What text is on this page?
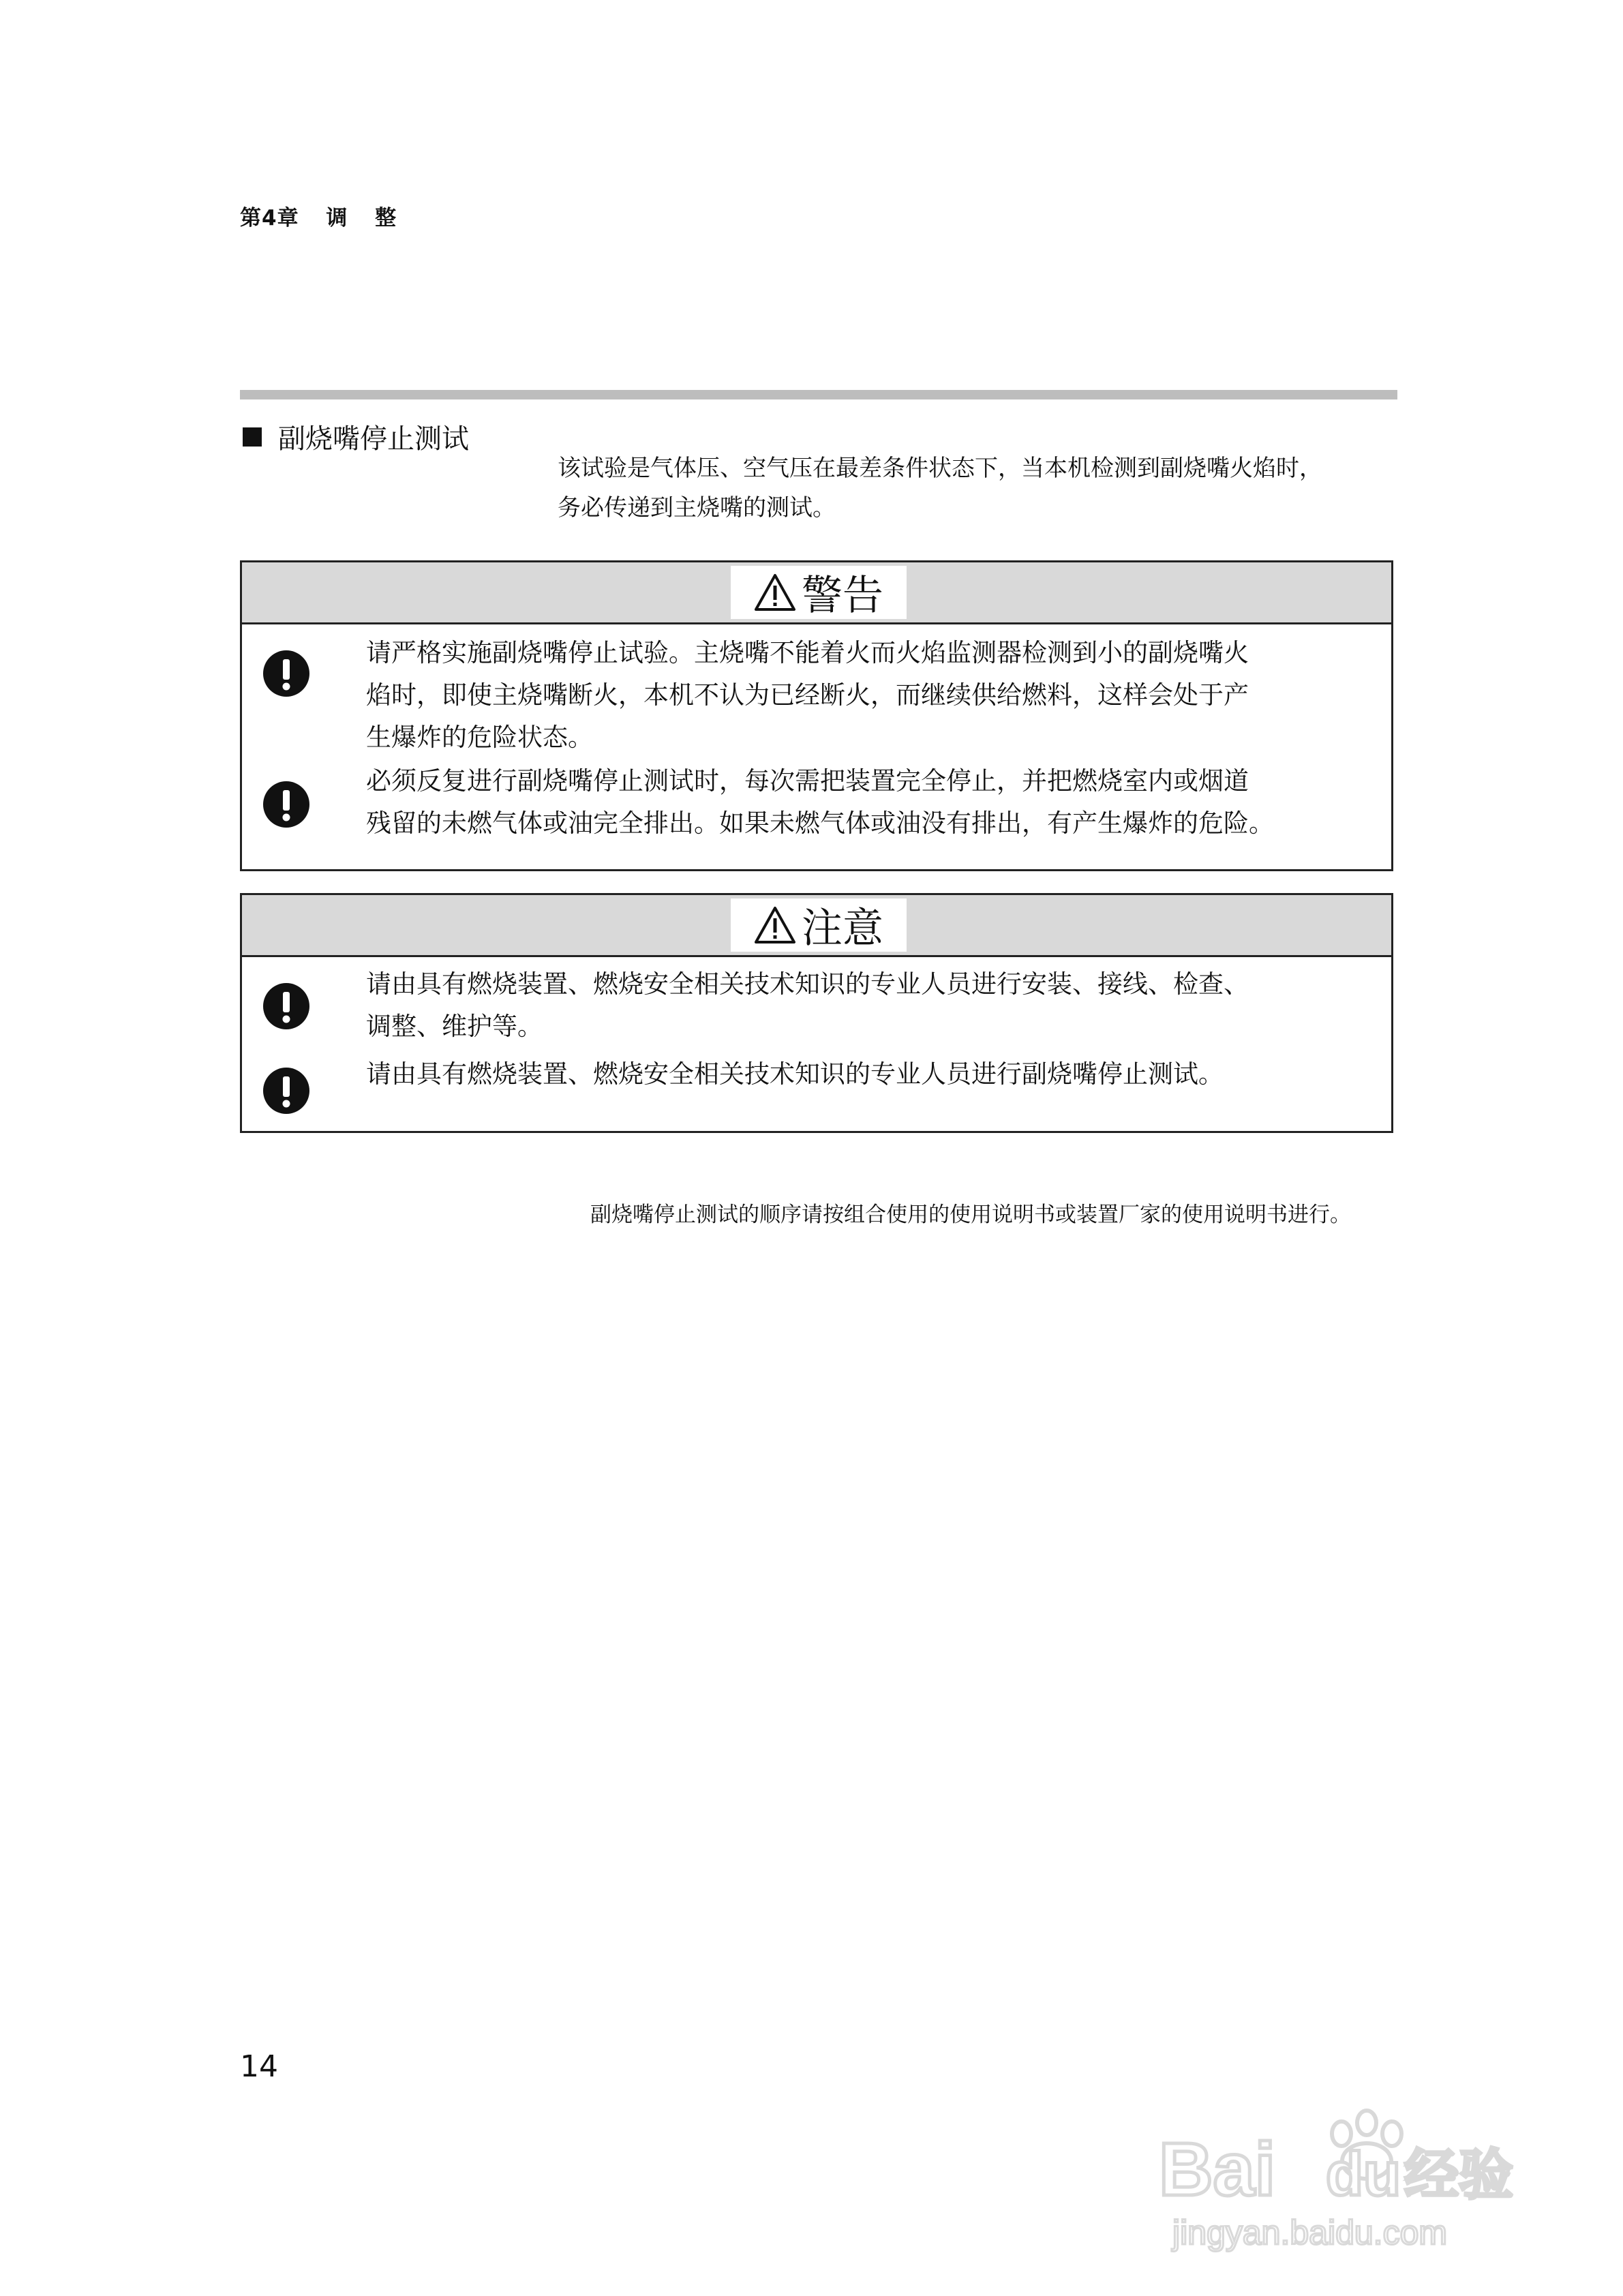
第4章 调 整
副烧嘴停止测试
该试验是气体压、空气压在最差条件状态下，当本机检测到副烧嘴火焰时，
务必传递到主烧嘴的测试。
警告
请严格实施副烧嘴停止试验。主烧嘴不能着火而火焰监测器检测到小的副烧嘴火
焰时，即使主烧嘴断火，本机不认为已经断火，而继续供给燃料，这样会处于产
生爆炸的危险状态。
必须反复进行副烧嘴停止测试时，每次需把装置完全停止，并把燃烧室内或烟道
残留的未燃气体或油完全排出。如果未燃气体或油没有排出，有产生爆炸的危险。
注意
请由具有燃烧装置、燃烧安全相关技术知识的专业人员进行安装、接线、检查、
调整、维护等。
请由具有燃烧装置、燃烧安全相关技术知识的专业人员进行副烧嘴停止测试。
副烧嘴停止测试的顺序请按组合使用的使用说明书或装置厂家的使用说明书进行。
14
Bai du 经验
jingyan.baidu.com
